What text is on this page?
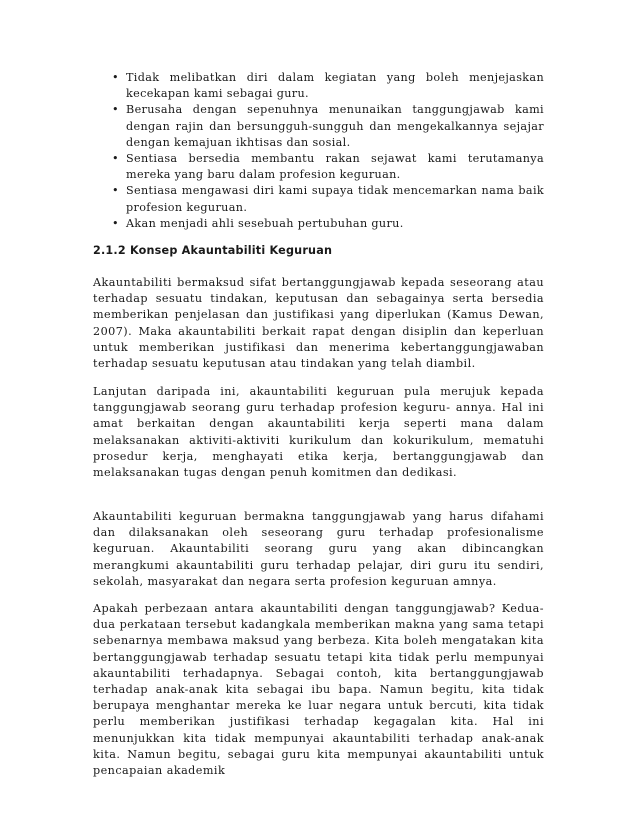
• Tidak melibatkan diri dalam kegiatan yang boleh menjejaskan kecekapan kami sebagai guru.
• Berusaha dengan sepenuhnya menunaikan tanggungjawab kami dengan rajin dan bersungguh-sungguh dan mengekalkannya sejajar dengan kemajuan ikhtisas dan sosial.
• Sentiasa bersedia membantu rakan sejawat kami terutamanya mereka yang baru dalam profesion keguruan.
• Sentiasa mengawasi diri kami supaya tidak mencemarkan nama baik profesion keguruan.
• Akan menjadi ahli sesebuah pertubuhan guru.
2.1.2 Konsep Akauntabiliti Keguruan

Akauntabiliti bermaksud sifat bertanggungjawab kepada seseorang atau terhadap sesuatu tindakan, keputusan dan sebagainya serta bersedia memberikan penjelasan dan justifikasi yang diperlukan (Kamus Dewan, 2007). Maka akauntabiliti berkait rapat dengan disiplin dan keperluan untuk memberikan justifikasi dan menerima kebertanggungjawaban terhadap sesuatu keputusan atau tindakan yang telah diambil.

Lanjutan daripada ini, akauntabiliti keguruan pula merujuk kepada tanggungjawab seorang guru terhadap profesion keguru- annya. Hal ini amat berkaitan dengan akauntabiliti kerja seperti mana dalam melaksanakan aktiviti-aktiviti kurikulum dan kokurikulum, mematuhi prosedur kerja, menghayati etika kerja, bertanggungjawab dan melaksanakan tugas dengan penuh komitmen dan dedikasi.

Akauntabiliti keguruan bermakna tanggungjawab yang harus difahami dan dilaksanakan oleh seseorang guru terhadap profesionalisme keguruan. Akauntabiliti seorang guru yang akan dibincangkan merangkumi akauntabiliti guru terhadap pelajar, diri guru itu sendiri, sekolah, masyarakat dan negara serta profesion keguruan amnya.

Apakah perbezaan antara akauntabiliti dengan tanggungjawab? Kedua-dua perkataan tersebut kadangkala memberikan makna yang sama tetapi sebenarnya membawa maksud yang berbeza. Kita boleh mengatakan kita bertanggungjawab terhadap sesuatu tetapi kita tidak perlu mempunyai akauntabiliti terhadapnya. Sebagai contoh, kita bertanggungjawab terhadap anak-anak kita sebagai ibu bapa. Namun begitu, kita tidak berupaya menghantar mereka ke luar negara untuk bercuti, kita tidak perlu memberikan justifikasi terhadap kegagalan kita. Hal ini menunjukkan kita tidak mempunyai akauntabiliti terhadap anak-anak kita. Namun begitu, sebagai guru kita mempunyai akauntabiliti untuk pencapaian akademik
